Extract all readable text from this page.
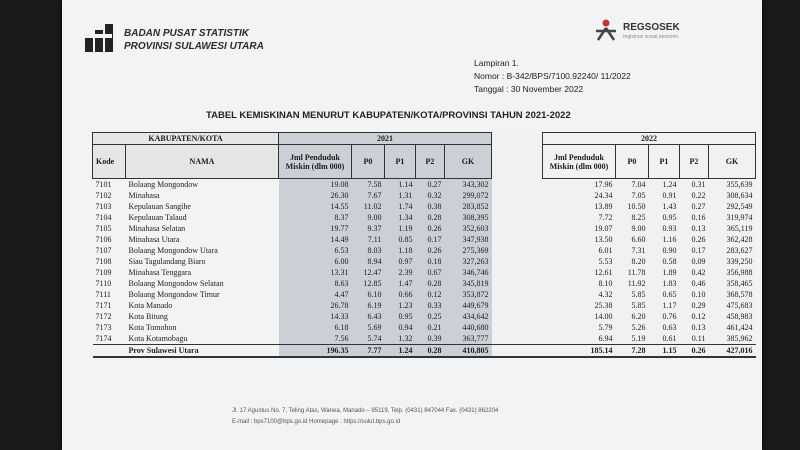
BADAN PUSAT STATISTIK
PROVINSI SULAWESI UTARA
REGSOSEK
registrasi sosial ekonomi
Lampiran 1.
Nomor : B-342/BPS/7100.92240/ 11/2022
Tanggal : 30 November 2022
TABEL KEMISKINAN MENURUT KABUPATEN/KOTA/PROVINSI TAHUN 2021-2022
KABUPATEN/KOTA		2021						2022				
Kode	NAMA	Jml Penduduk Miskin (dlm 000)	P0	P1	P2	GK		Jml Penduduk Miskin (dlm 000)	P0	P1	P2	GK
7101	Bolaang Mongondow	19.08	7.58	1.14	0.27	343,302		17.96	7.04	1.24	0.31	355,639
7102	Minahasa	26.30	7.67	1.31	0.32	299,072		24.34	7.05	0.91	0.22	308,634
7103	Kepulauan Sangihe	14.55	11.02	1.74	0.38	283,852		13.89	10.50	1.43	0.27	292,549
7104	Kepulauan Talaud	8.37	9.00	1.34	0.28	308,395		7.72	8.25	0.95	0.16	319,974
7105	Minahasa Selatan	19.77	9.37	1.19	0.26	352,603		19.07	9.00	0.93	0.13	365,119
7106	Minahasa Utara	14.49	7.11	0.85	0.17	347,938		13.50	6.60	1.16	0.26	362,428
7107	Bolaang Mongondow Utara	6.53	8.03	1.18	0.26	275,369		6.01	7.31	0.90	0.17	283,627
7108	Siau Tagulandang Biaro	6.00	8.94	0.97	0.18	327,263		5.53	8.20	0.58	0.09	339,250
7109	Minahasa Tenggara	13.31	12.47	2.39	0.67	346,746		12.61	11.78	1.89	0.42	356,988
7110	Bolaang Mongondow Selatan	8.63	12.85	1.47	0.28	345,819		8.10	11.92	1.83	0.46	358,465
7111	Bolaang Mongondow Timur	4.47	6.10	0.66	0.12	353,872		4.32	5.85	0.65	0.10	368,578
7171	Kota Manado	26.78	6.19	1.23	0.33	449,679		25.38	5.85	1.17	0.29	475,683
7172	Kota Bitung	14.33	6.43	0.95	0.25	434,642		14.00	6.20	0.76	0.12	458,983
7173	Kota Tomohon	6.18	5.69	0.94	0.21	440,680		5.79	5.26	0.63	0.13	461,424
7174	Kota Kotamobagu	7.56	5.74	1.32	0.39	363,777		6.94	5.19	0.61	0.11	385,962
	Prov Sulawesi Utara	196.35	7.77	1.24	0.28	410,805		185.14	7.28	1.15	0.26	427,016
Jl. 17 Agustus No. 7, Teling Atas, Wanea, Manado – 95119, Telp. (0431) 847044 Fax. (0431) 862204
E-mail : bps7100@bps.go.id Homepage : https://sulut.bps.go.id
